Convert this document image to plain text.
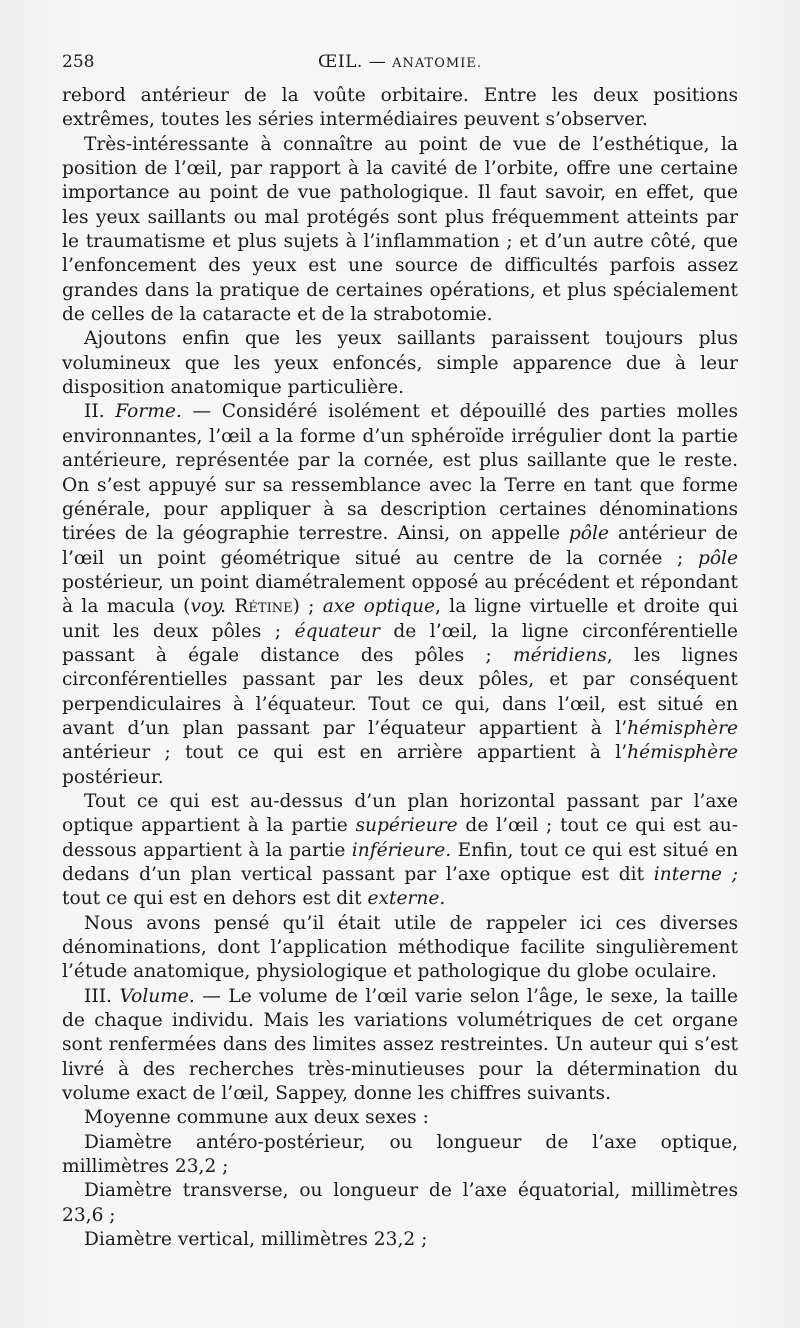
258	ŒIL. — ANATOMIE.

rebord antérieur de la voûte orbitaire. Entre les deux positions extrêmes, toutes les séries intermédiaires peuvent s’observer.

Très-intéressante à connaître au point de vue de l’esthétique, la position de l’œil, par rapport à la cavité de l’orbite, offre une certaine importance au point de vue pathologique. Il faut savoir, en effet, que les yeux saillants ou mal protégés sont plus fréquemment atteints par le traumatisme et plus sujets à l’inflammation ; et d’un autre côté, que l’enfoncement des yeux est une source de difficultés parfois assez grandes dans la pratique de certaines opérations, et plus spécialement de celles de la cataracte et de la strabotomie.

Ajoutons enfin que les yeux saillants paraissent toujours plus volumineux que les yeux enfoncés, simple apparence due à leur disposition anatomique particulière.

II. Forme. — Considéré isolément et dépouillé des parties molles environnantes, l’œil a la forme d’un sphéroïde irrégulier dont la partie antérieure, représentée par la cornée, est plus saillante que le reste. On s’est appuyé sur sa ressemblance avec la Terre en tant que forme générale, pour appliquer à sa description certaines dénominations tirées de la géographie terrestre. Ainsi, on appelle pôle antérieur de l’œil un point géométrique situé au centre de la cornée ; pôle postérieur, un point diamétralement opposé au précédent et répondant à la macula (voy. Rétine) ; axe optique, la ligne virtuelle et droite qui unit les deux pôles ; équateur de l’œil, la ligne circonférentielle passant à égale distance des pôles ; méridiens, les lignes circonférentielles passant par les deux pôles, et par conséquent perpendiculaires à l’équateur. Tout ce qui, dans l’œil, est situé en avant d’un plan passant par l’équateur appartient à l’hémisphère antérieur ; tout ce qui est en arrière appartient à l’hémisphère postérieur.

Tout ce qui est au-dessus d’un plan horizontal passant par l’axe optique appartient à la partie supérieure de l’œil ; tout ce qui est au-dessous appartient à la partie inférieure. Enfin, tout ce qui est situé en dedans d’un plan vertical passant par l’axe optique est dit interne ; tout ce qui est en dehors est dit externe.

Nous avons pensé qu’il était utile de rappeler ici ces diverses dénominations, dont l’application méthodique facilite singulièrement l’étude anatomique, physiologique et pathologique du globe oculaire.

III. Volume. — Le volume de l’œil varie selon l’âge, le sexe, la taille de chaque individu. Mais les variations volumétriques de cet organe sont renfermées dans des limites assez restreintes. Un auteur qui s’est livré à des recherches très-minutieuses pour la détermination du volume exact de l’œil, Sappey, donne les chiffres suivants.

Moyenne commune aux deux sexes :

Diamètre antéro-postérieur, ou longueur de l’axe optique, millimètres 23,2 ;

Diamètre transverse, ou longueur de l’axe équatorial, millimètres 23,6 ;

Diamètre vertical, millimètres 23,2 ;
